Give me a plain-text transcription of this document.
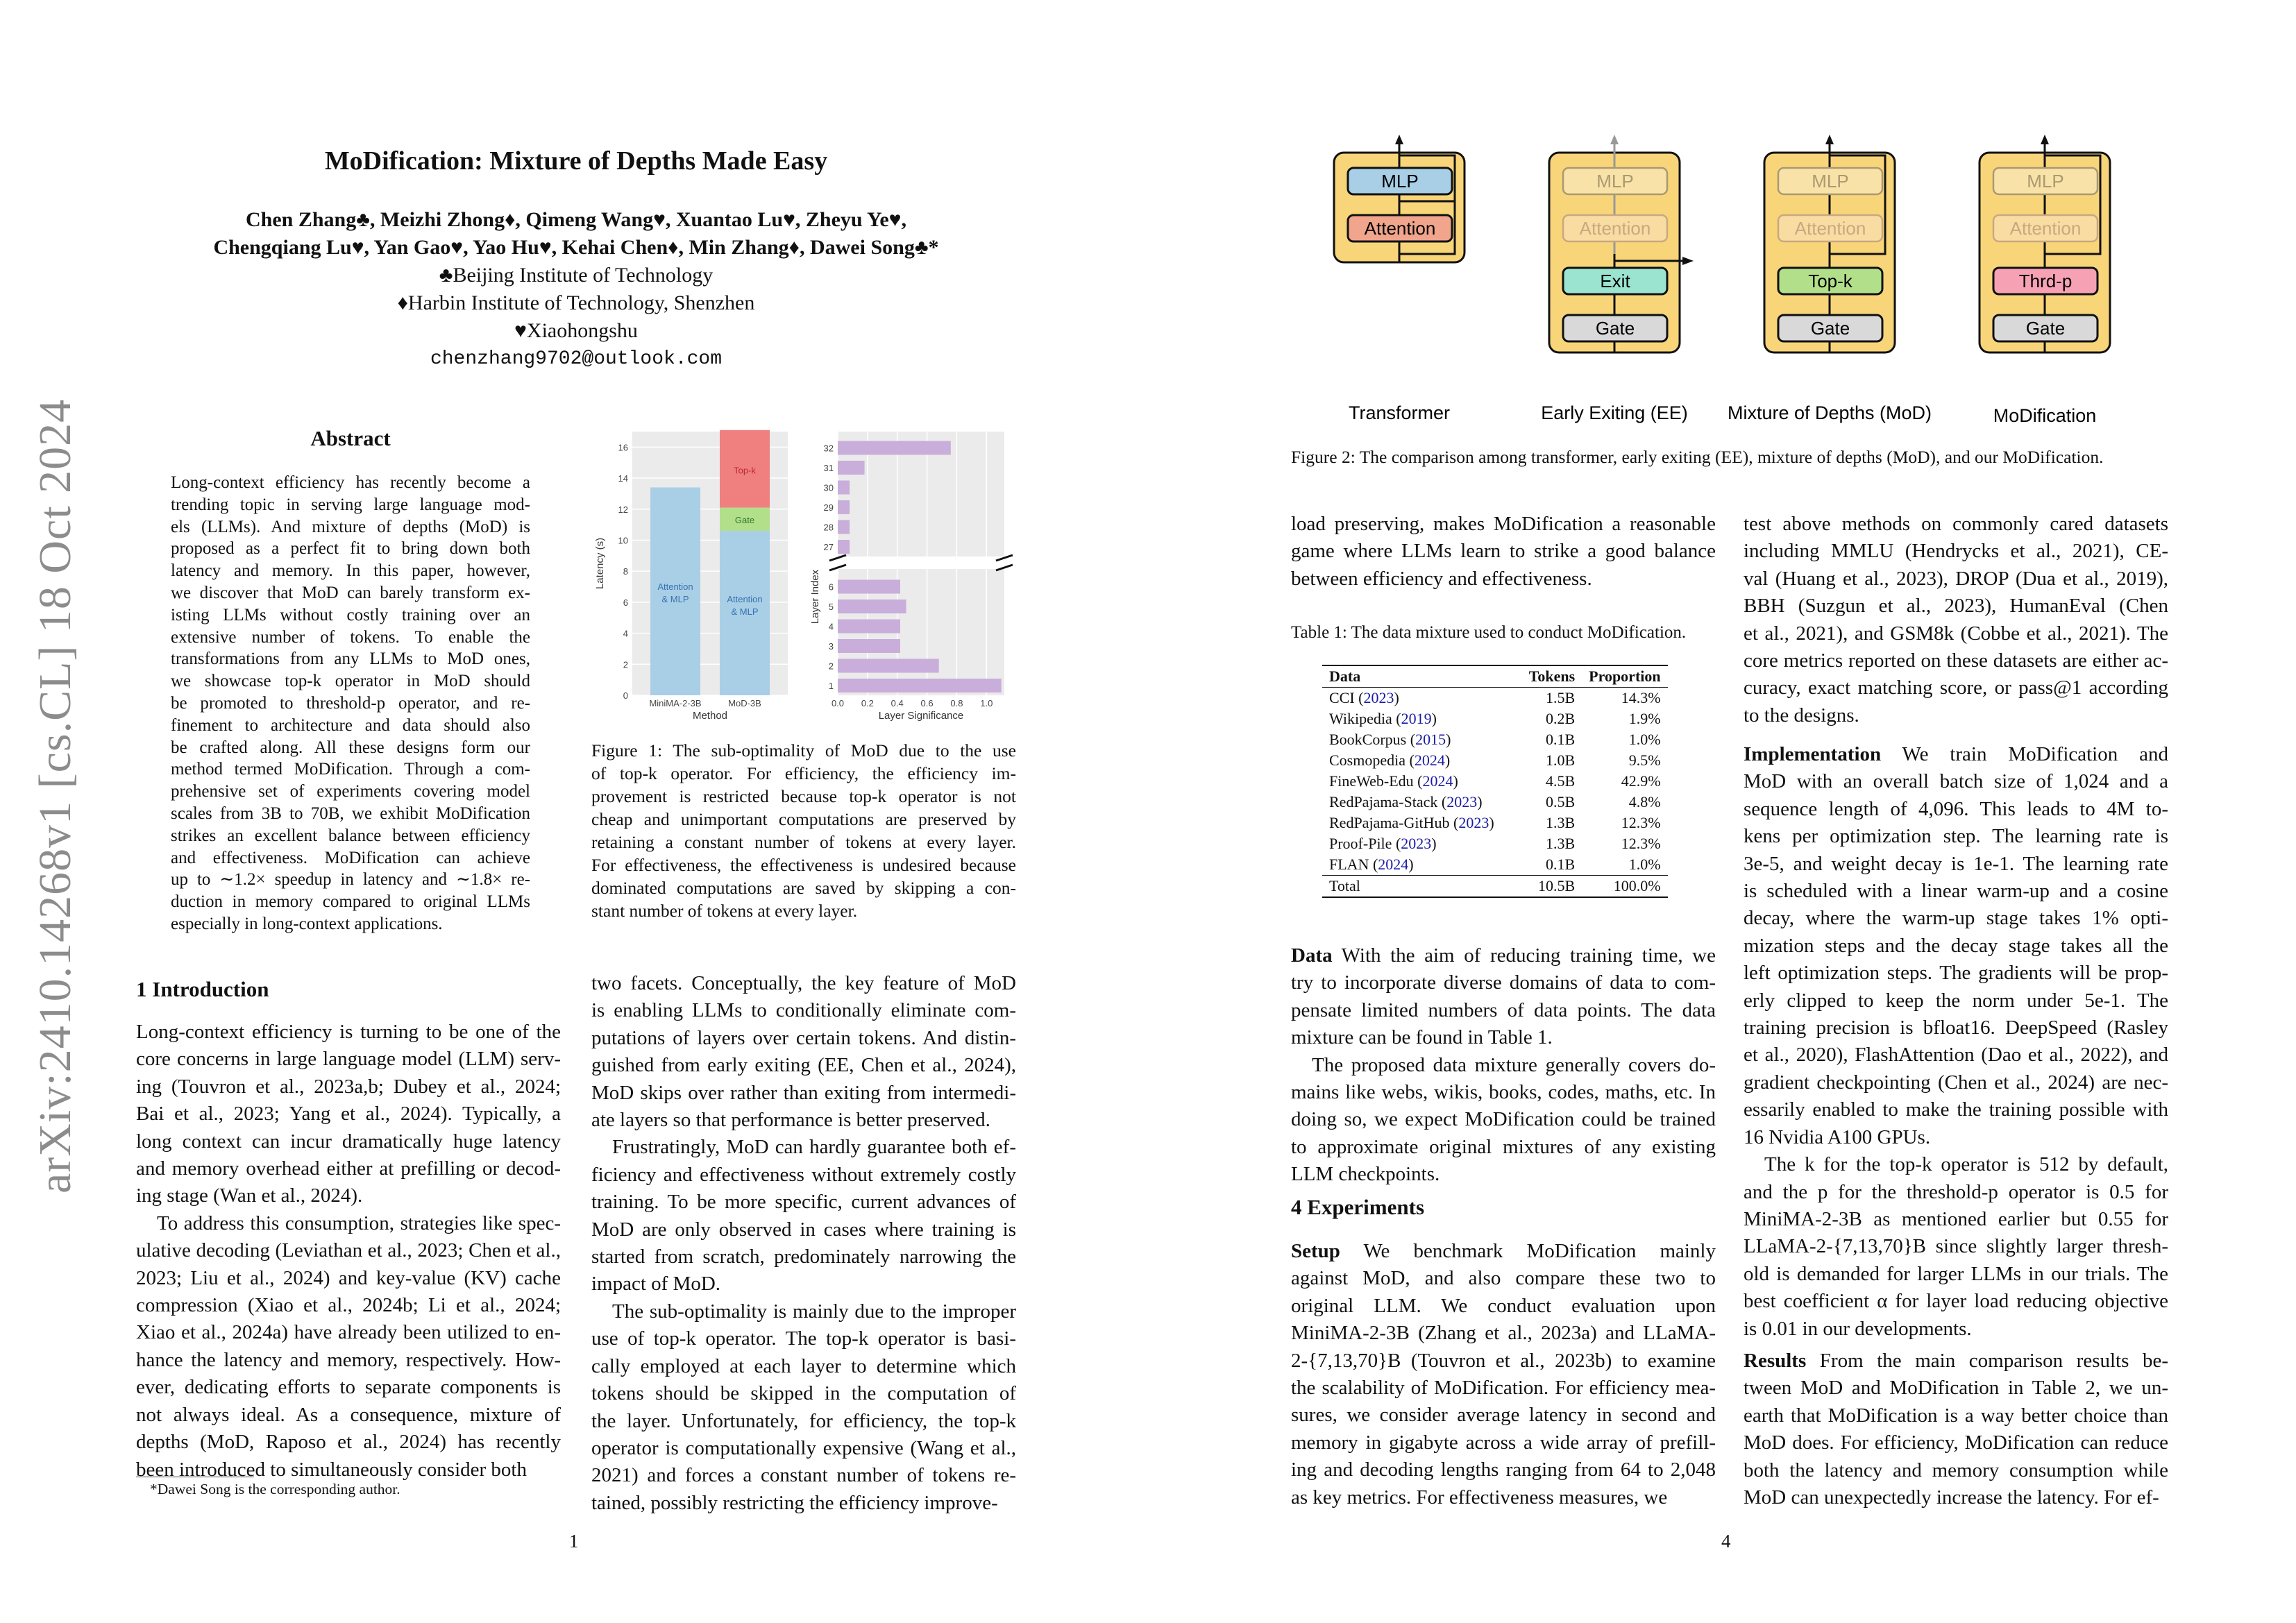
arXiv:2410.14268v1 [cs.CL] 18 Oct 2024
MoDification: Mixture of Depths Made Easy
Chen Zhang♣, Meizhi Zhong♦, Qimeng Wang♥, Xuantao Lu♥, Zheyu Ye♥,
Chengqiang Lu♥, Yan Gao♥, Yao Hu♥, Kehai Chen♦, Min Zhang♦, Dawei Song♣*
♣Beijing Institute of Technology
♦Harbin Institute of Technology, Shenzhen
♥Xiaohongshu
chenzhang9702@outlook.com
Abstract
Long-context efficiency has recently become a
trending topic in serving large language mod-
els (LLMs). And mixture of depths (MoD) is
proposed as a perfect fit to bring down both
latency and memory. In this paper, however,
we discover that MoD can barely transform ex-
isting LLMs without costly training over an
extensive number of tokens. To enable the
transformations from any LLMs to MoD ones,
we showcase top-k operator in MoD should
be promoted to threshold-p operator, and re-
finement to architecture and data should also
be crafted along. All these designs form our
method termed MoDification. Through a com-
prehensive set of experiments covering model
scales from 3B to 70B, we exhibit MoDification
strikes an excellent balance between efficiency
and effectiveness. MoDification can achieve
up to ∼1.2× speedup in latency and ∼1.8× re-
duction in memory compared to original LLMs
especially in long-context applications.
1 Introduction
Long-context efficiency is turning to be one of the
core concerns in large language model (LLM) serv-
ing (Touvron et al., 2023a,b; Dubey et al., 2024;
Bai et al., 2023; Yang et al., 2024). Typically, a
long context can incur dramatically huge latency
and memory overhead either at prefilling or decod-
ing stage (Wan et al., 2024).
To address this consumption, strategies like spec-
ulative decoding (Leviathan et al., 2023; Chen et al.,
2023; Liu et al., 2024) and key-value (KV) cache
compression (Xiao et al., 2024b; Li et al., 2024;
Xiao et al., 2024a) have already been utilized to en-
hance the latency and memory, respectively. How-
ever, dedicating efforts to separate components is
not always ideal. As a consequence, mixture of
depths (MoD, Raposo et al., 2024) has recently
been introduced to simultaneously consider both
*Dawei Song is the corresponding author.
0
2
4
6
8
10
12
14
16
MiniMA-2-3B	MoD-3B
Attention
& MLP	Attention
& MLP
Gate
Top-k
Method
Latency (s)
0.0 0.2 0.4 0.6 0.8 1.0
1
2
3
4
5
6
27
28
29
30
31
32
Layer Significance
Layer Index
Figure 1: The sub-optimality of MoD due to the use
of top-k operator. For efficiency, the efficiency im-
provement is restricted because top-k operator is not
cheap and unimportant computations are preserved by
retaining a constant number of tokens at every layer.
For effectiveness, the effectiveness is undesired because
dominated computations are saved by skipping a con-
stant number of tokens at every layer.
two facets. Conceptually, the key feature of MoD
is enabling LLMs to conditionally eliminate com-
putations of layers over certain tokens. And distin-
guished from early exiting (EE, Chen et al., 2024),
MoD skips over rather than exiting from intermedi-
ate layers so that performance is better preserved.
Frustratingly, MoD can hardly guarantee both ef-
ficiency and effectiveness without extremely costly
training. To be more specific, current advances of
MoD are only observed in cases where training is
started from scratch, predominately narrowing the
impact of MoD.
The sub-optimality is mainly due to the improper
use of top-k operator. The top-k operator is basi-
cally employed at each layer to determine which
tokens should be skipped in the computation of
the layer. Unfortunately, for efficiency, the top-k
operator is computationally expensive (Wang et al.,
2021) and forces a constant number of tokens re-
tained, possibly restricting the efficiency improve-
1
MLP
Attention
MLP
Attention
Exit
Gate
MLP
Attention
Top-k
Gate
MLP
Attention
Thrd-p
Gate
Transformer	Early Exiting (EE) Mixture of Depths (MoD)	MoDification
Figure 2: The comparison among transformer, early exiting (EE), mixture of depths (MoD), and our MoDification.
load preserving, makes MoDification a reasonable
game where LLMs learn to strike a good balance
between efficiency and effectiveness.
Table 1: The data mixture used to conduct MoDification.
Data	Tokens	Proportion
CCI (2023)	1.5B	14.3%
Wikipedia (2019)	0.2B	1.9%
BookCorpus (2015)	0.1B	1.0%
Cosmopedia (2024)	1.0B	9.5%
FineWeb-Edu (2024)	4.5B	42.9%
RedPajama-Stack (2023)	0.5B	4.8%
RedPajama-GitHub (2023)	1.3B	12.3%
Proof-Pile (2023)	1.3B	12.3%
FLAN (2024)	0.1B	1.0%
Total	10.5B	100.0%
Data With the aim of reducing training time, we
try to incorporate diverse domains of data to com-
pensate limited numbers of data points. The data
mixture can be found in Table 1.
The proposed data mixture generally covers do-
mains like webs, wikis, books, codes, maths, etc. In
doing so, we expect MoDification could be trained
to approximate original mixtures of any existing
LLM checkpoints.
4 Experiments
Setup We benchmark MoDification mainly
against MoD, and also compare these two to
original LLM. We conduct evaluation upon
MiniMA-2-3B (Zhang et al., 2023a) and LLaMA-
2-{7,13,70}B (Touvron et al., 2023b) to examine
the scalability of MoDification. For efficiency mea-
sures, we consider average latency in second and
memory in gigabyte across a wide array of prefill-
ing and decoding lengths ranging from 64 to 2,048
as key metrics. For effectiveness measures, we
test above methods on commonly cared datasets
including MMLU (Hendrycks et al., 2021), CE-
val (Huang et al., 2023), DROP (Dua et al., 2019),
BBH (Suzgun et al., 2023), HumanEval (Chen
et al., 2021), and GSM8k (Cobbe et al., 2021). The
core metrics reported on these datasets are either ac-
curacy, exact matching score, or pass@1 according
to the designs.
Implementation We train MoDification and
MoD with an overall batch size of 1,024 and a
sequence length of 4,096. This leads to 4M to-
kens per optimization step. The learning rate is
3e-5, and weight decay is 1e-1. The learning rate
is scheduled with a linear warm-up and a cosine
decay, where the warm-up stage takes 1% opti-
mization steps and the decay stage takes all the
left optimization steps. The gradients will be prop-
erly clipped to keep the norm under 5e-1. The
training precision is bfloat16. DeepSpeed (Rasley
et al., 2020), FlashAttention (Dao et al., 2022), and
gradient checkpointing (Chen et al., 2024) are nec-
essarily enabled to make the training possible with
16 Nvidia A100 GPUs.
The k for the top-k operator is 512 by default,
and the p for the threshold-p operator is 0.5 for
MiniMA-2-3B as mentioned earlier but 0.55 for
LLaMA-2-{7,13,70}B since slightly larger thresh-
old is demanded for larger LLMs in our trials. The
best coefficient α for layer load reducing objective
is 0.01 in our developments.
Results From the main comparison results be-
tween MoD and MoDification in Table 2, we un-
earth that MoDification is a way better choice than
MoD does. For efficiency, MoDification can reduce
both the latency and memory consumption while
MoD can unexpectedly increase the latency. For ef-
4
